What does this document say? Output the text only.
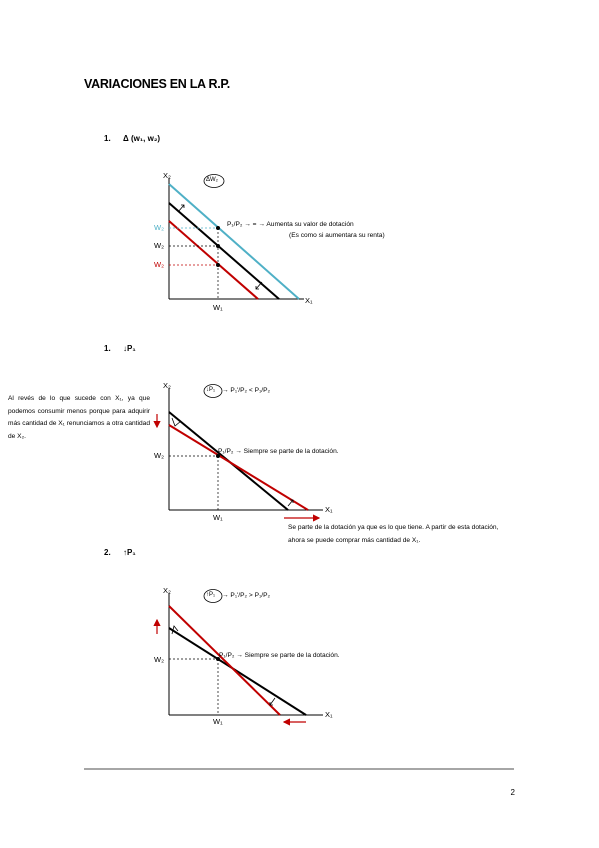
VARIACIONES EN LA R.P.
1. Δ (w₁, w₂)
1. ↓P₁
2. ↑P₁
X₂
X₁
ΔW₂
W₂
W₂
W₂
W₁
P₁/P₂ → = → Aumenta su valor de dotación
(Es como si aumentara su renta)
X₂
X₁
↓P₁ → P₁'/P₂ < P₁/P₂
P₁/P₂ → Siempre se parte de la dotación.
W₂
W₁
Al revés de lo que sucede con X₁, ya que podemos consumir menos porque para adquirir más cantidad de X₁ renunciamos a otra cantidad de X₂.
Se parte de la dotación ya que es lo que tiene. A partir de esta dotación,
ahora se puede comprar más cantidad de X₁.
X₂
X₁
↑P₁ → P₁'/P₂ > P₁/P₂
P₁/P₂ → Siempre se parte de la dotación.
W₂
W₁
2
